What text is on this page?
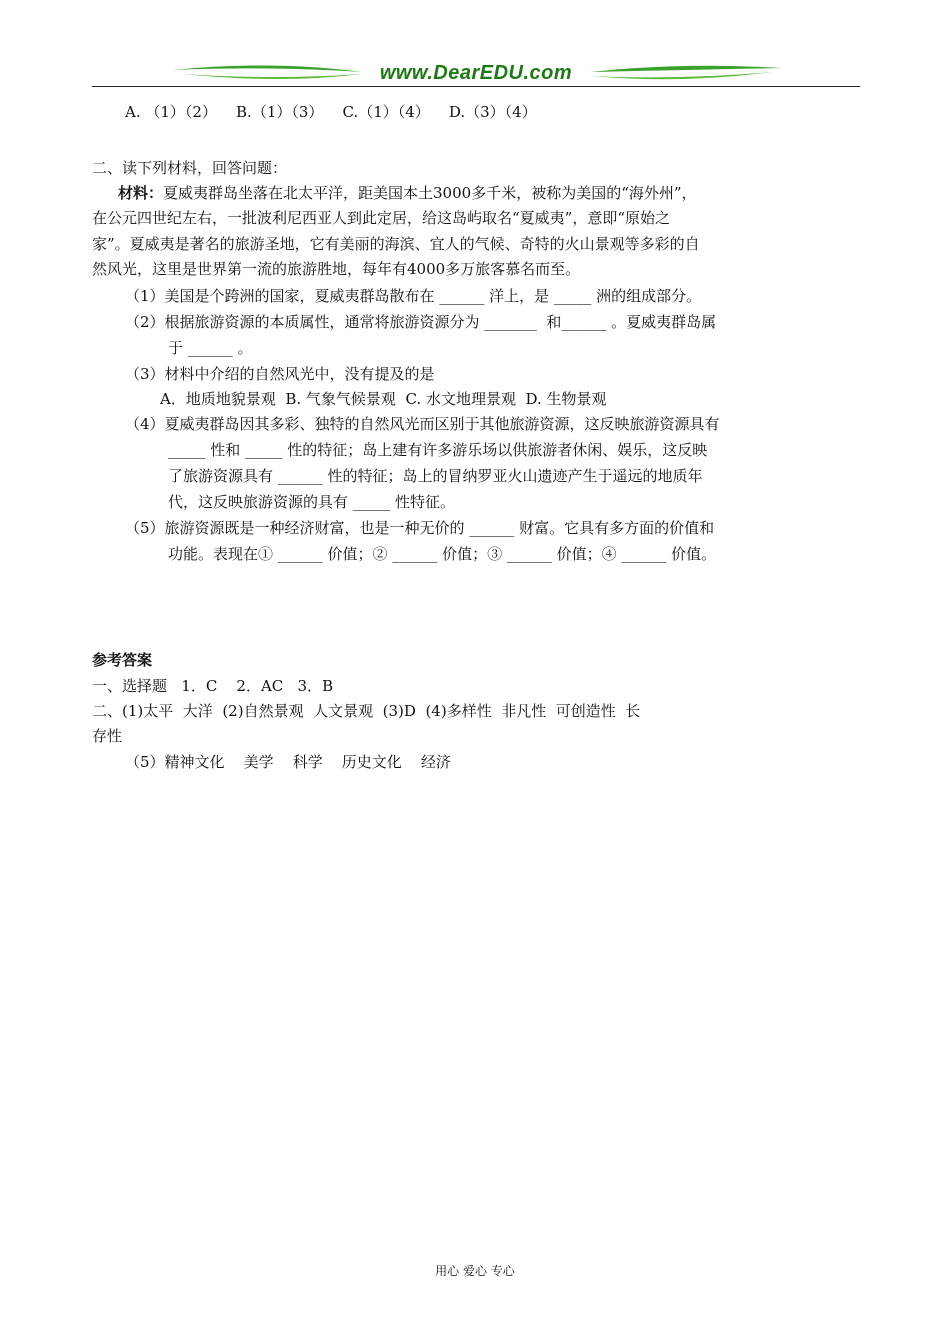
www.DearEDU.com
A. （1）（2）    B.（1）（3）    C.（1）（4）    D.（3）（4）
二、读下列材料，回答问题：
材料：夏威夷群岛坐落在北太平洋，距美国本土3000多千米，被称为美国的“海外州”，
在公元四世纪左右，一批波利尼西亚人到此定居，给这岛屿取名“夏威夷”，意即“原始之
家”。夏威夷是著名的旅游圣地，它有美丽的海滨、宜人的气候、奇特的火山景观等多彩的自
然风光，这里是世界第一流的旅游胜地，每年有4000多万旅客慕名而至。
（1）美国是个跨洲的国家，夏威夷群岛散布在 ______ 洋上，是 _____ 洲的组成部分。
（2）根据旅游资源的本质属性，通常将旅游资源分为 _______  和______ 。夏威夷群岛属
于 ______ 。
（3）材料中介绍的自然风光中，没有提及的是
A．地质地貌景观  B. 气象气候景观  C. 水文地理景观  D. 生物景观
（4）夏威夷群岛因其多彩、独特的自然风光而区别于其他旅游资源，这反映旅游资源具有
_____ 性和 _____ 性的特征；岛上建有许多游乐场以供旅游者休闲、娱乐，这反映
了旅游资源具有 ______ 性的特征；岛上的冒纳罗亚火山遗迹产生于遥远的地质年
代，这反映旅游资源的具有 _____ 性特征。
（5）旅游资源既是一种经济财富，也是一种无价的 ______ 财富。它具有多方面的价值和
功能。表现在① ______ 价值；② ______ 价值；③ ______ 价值；④ ______ 价值。
参考答案
一、选择题   1．C    2．AC   3．B
二、(1)太平  大洋  (2)自然景观  人文景观  (3)D  (4)多样性  非凡性  可创造性  长
存性
（5）精神文化    美学    科学    历史文化    经济
用心 爱心 专心
